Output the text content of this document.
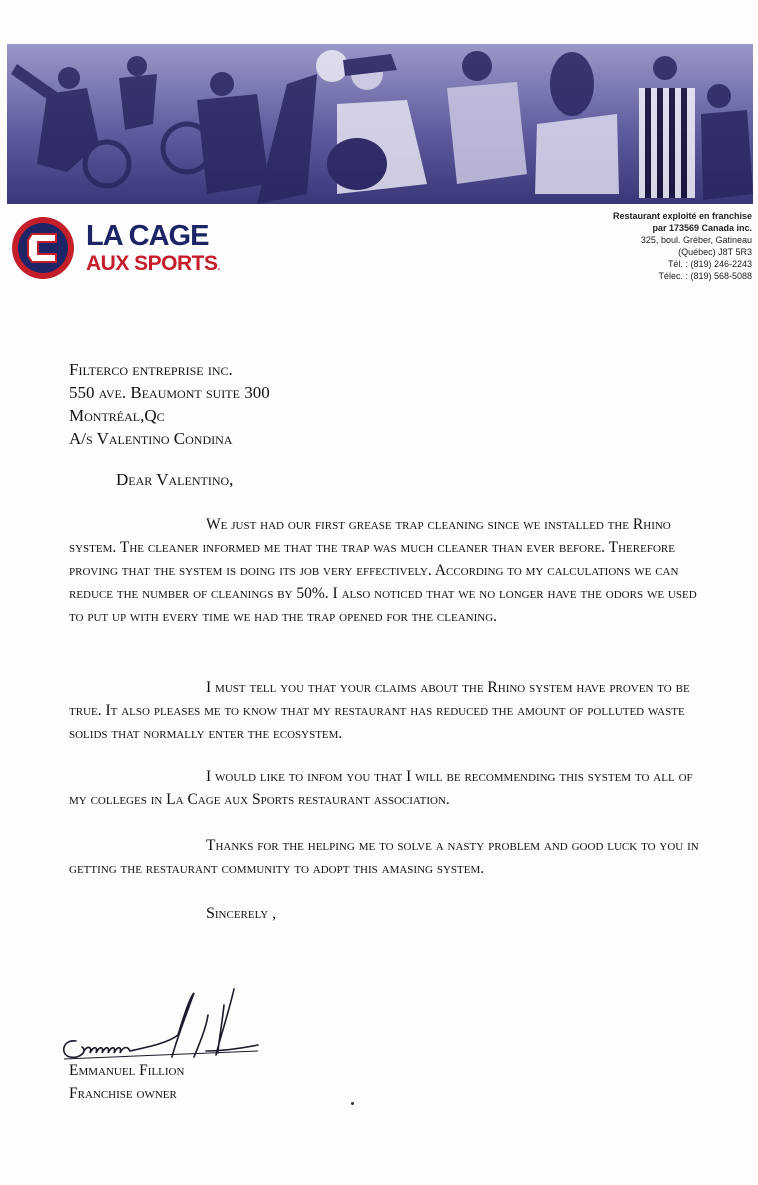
LA CAGE
AUX SPORTS.
Restaurant exploité en franchise
par 173569 Canada inc.
325, boul. Gréber, Gatineau
(Québec) J8T 5R3
Tél. : (819) 246-2243
Télec. : (819) 568-5088
Filterco entreprise inc.
550 ave. Beaumont suite 300
Montréal,Qc
A/s Valentino Condina
Dear Valentino,
We just had our first grease trap cleaning since we installed the Rhino system. The cleaner informed me that the trap was much cleaner than ever before. Therefore proving that the system is doing its job very effectively. According to my calculations we can reduce the number of cleanings by 50%. I also noticed that we no longer have the odors we used to put up with every time we had the trap opened for the cleaning.
I must tell you that your claims about the Rhino system have proven to be true. It also pleases me to know that my restaurant has reduced the amount of polluted waste solids that normally enter the ecosystem.
I would like to infom you that I will be recommending this system to all of my colleges in La Cage aux Sports restaurant association.
Thanks for the helping me to solve a nasty problem and good luck to you in getting the restaurant community to adopt this amasing system.
Sincerely ,
Emmanuel Fillion
Franchise owner
